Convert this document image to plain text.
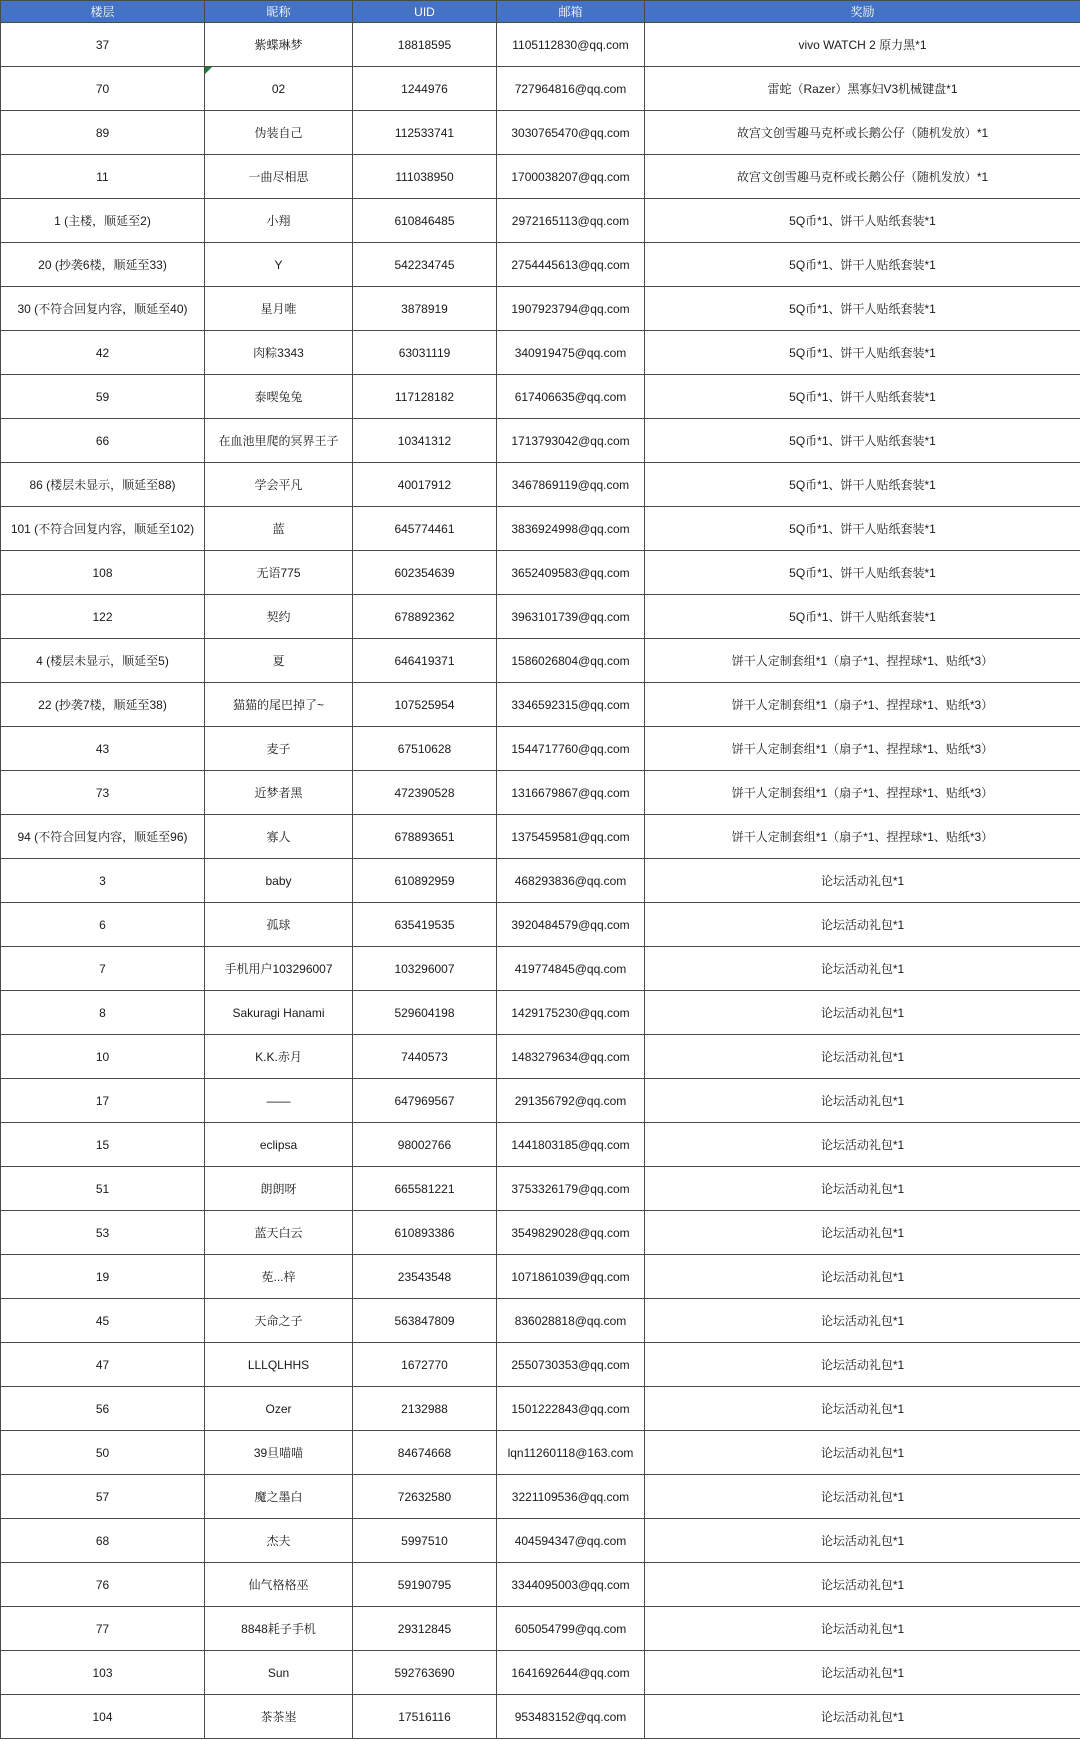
楼层	昵称	UID	邮箱	奖励
37	紫蝶琳梦	18818595	1105112830@qq.com	vivo WATCH 2 原力黑*1
70	02	1244976	727964816@qq.com	雷蛇（Razer）黑寡妇V3机械键盘*1
89	伪装自己	112533741	3030765470@qq.com	故宫文创雪趣马克杯或长鹅公仔（随机发放）*1
11	一曲尽相思	111038950	1700038207@qq.com	故宫文创雪趣马克杯或长鹅公仔（随机发放）*1
1 (主楼，顺延至2)	小翔	610846485	2972165113@qq.com	5Q币*1、饼干人贴纸套装*1
20 (抄袭6楼，顺延至33)	Y	542234745	2754445613@qq.com	5Q币*1、饼干人贴纸套装*1
30 (不符合回复内容，顺延至40)	星月唯	3878919	1907923794@qq.com	5Q币*1、饼干人贴纸套装*1
42	肉粽3343	63031119	340919475@qq.com	5Q币*1、饼干人贴纸套装*1
59	泰喫兔兔	117128182	617406635@qq.com	5Q币*1、饼干人贴纸套装*1
66	在血池里爬的冥界王子	10341312	1713793042@qq.com	5Q币*1、饼干人贴纸套装*1
86 (楼层未显示，顺延至88)	学会平凡	40017912	3467869119@qq.com	5Q币*1、饼干人贴纸套装*1
101 (不符合回复内容，顺延至102)	蓝	645774461	3836924998@qq.com	5Q币*1、饼干人贴纸套装*1
108	无语775	602354639	3652409583@qq.com	5Q币*1、饼干人贴纸套装*1
122	契约	678892362	3963101739@qq.com	5Q币*1、饼干人贴纸套装*1
4 (楼层未显示，顺延至5)	夏	646419371	1586026804@qq.com	饼干人定制套组*1（扇子*1、捏捏球*1、贴纸*3）
22 (抄袭7楼，顺延至38)	猫猫的尾巴掉了~	107525954	3346592315@qq.com	饼干人定制套组*1（扇子*1、捏捏球*1、贴纸*3）
43	麦子	67510628	1544717760@qq.com	饼干人定制套组*1（扇子*1、捏捏球*1、贴纸*3）
73	近梦者黑	472390528	1316679867@qq.com	饼干人定制套组*1（扇子*1、捏捏球*1、贴纸*3）
94 (不符合回复内容，顺延至96)	寡人	678893651	1375459581@qq.com	饼干人定制套组*1（扇子*1、捏捏球*1、贴纸*3）
3	baby	610892959	468293836@qq.com	论坛活动礼包*1
6	孤球	635419535	3920484579@qq.com	论坛活动礼包*1
7	手机用户103296007	103296007	419774845@qq.com	论坛活动礼包*1
8	Sakuragi Hanami	529604198	1429175230@qq.com	论坛活动礼包*1
10	K.K.赤月	7440573	1483279634@qq.com	论坛活动礼包*1
17	——	647969567	291356792@qq.com	论坛活动礼包*1
15	eclipsa	98002766	1441803185@qq.com	论坛活动礼包*1
51	朗朗呀	665581221	3753326179@qq.com	论坛活动礼包*1
53	蓝天白云	610893386	3549829028@qq.com	论坛活动礼包*1
19	莬...梓	23543548	1071861039@qq.com	论坛活动礼包*1
45	天命之子	563847809	836028818@qq.com	论坛活动礼包*1
47	LLLQLHHS	1672770	2550730353@qq.com	论坛活动礼包*1
56	Ozer	2132988	1501222843@qq.com	论坛活动礼包*1
50	39旦喵喵	84674668	lqn11260118@163.com	论坛活动礼包*1
57	魔之墨白	72632580	3221109536@qq.com	论坛活动礼包*1
68	杰夫	5997510	404594347@qq.com	论坛活动礼包*1
76	仙气格格巫	59190795	3344095003@qq.com	论坛活动礼包*1
77	8848耗子手机	29312845	605054799@qq.com	论坛活动礼包*1
103	Sun	592763690	1641692644@qq.com	论坛活动礼包*1
104	茶茶埊	17516116	953483152@qq.com	论坛活动礼包*1
